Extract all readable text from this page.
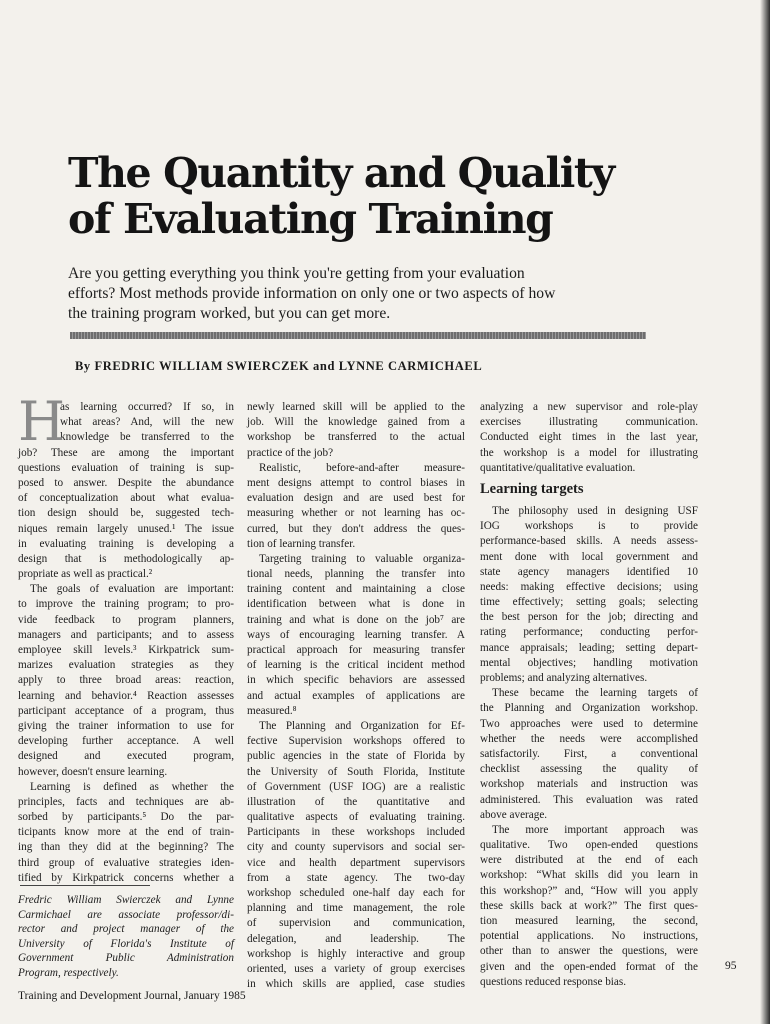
The Quantity and Quality
of Evaluating Training
Are you getting everything you think you're getting from your evaluation
efforts? Most methods provide information on only one or two aspects of how
the training program worked, but you can get more.
By FREDRIC WILLIAM SWIERCZEK and LYNNE CARMICHAEL
H
as learning occurred? If so, in
what areas? And, will the new
knowledge be transferred to the
job? These are among the important
questions evaluation of training is sup-
posed to answer. Despite the abundance
of conceptualization about what evalua-
tion design should be, suggested tech-
niques remain largely unused.¹ The issue
in evaluating training is developing a
design that is methodologically ap-
propriate as well as practical.²
The goals of evaluation are important:
to improve the training program; to pro-
vide feedback to program planners,
managers and participants; and to assess
employee skill levels.³ Kirkpatrick sum-
marizes evaluation strategies as they
apply to three broad areas: reaction,
learning and behavior.⁴ Reaction assesses
participant acceptance of a program, thus
giving the trainer information to use for
developing further acceptance. A well
designed and executed program,
however, doesn't ensure learning.
Learning is defined as whether the
principles, facts and techniques are ab-
sorbed by participants.⁵ Do the par-
ticipants know more at the end of train-
ing than they did at the beginning? The
third group of evaluative strategies iden-
tified by Kirkpatrick concerns whether a
Fredric William Swierczek and Lynne
Carmichael are associate professor/di-
rector and project manager of the
University of Florida's Institute of
Government Public Administration
Program, respectively.
newly learned skill will be applied to the
job. Will the knowledge gained from a
workshop be transferred to the actual
practice of the job?
Realistic, before-and-after measure-
ment designs attempt to control biases in
evaluation design and are used best for
measuring whether or not learning has oc-
curred, but they don't address the ques-
tion of learning transfer.
Targeting training to valuable organiza-
tional needs, planning the transfer into
training content and maintaining a close
identification between what is done in
training and what is done on the job⁷ are
ways of encouraging learning transfer. A
practical approach for measuring transfer
of learning is the critical incident method
in which specific behaviors are assessed
and actual examples of applications are
measured.⁸
The Planning and Organization for Ef-
fective Supervision workshops offered to
public agencies in the state of Florida by
the University of South Florida, Institute
of Government (USF IOG) are a realistic
illustration of the quantitative and
qualitative aspects of evaluating training.
Participants in these workshops included
city and county supervisors and social ser-
vice and health department supervisors
from a state agency. The two-day
workshop scheduled one-half day each for
planning and time management, the role
of supervision and communication,
delegation, and leadership. The
workshop is highly interactive and group
oriented, uses a variety of group exercises
in which skills are applied, case studies
analyzing a new supervisor and role-play
exercises illustrating communication.
Conducted eight times in the last year,
the workshop is a model for illustrating
quantitative/qualitative evaluation.
Learning targets
The philosophy used in designing USF
IOG workshops is to provide
performance-based skills. A needs assess-
ment done with local government and
state agency managers identified 10
needs: making effective decisions; using
time effectively; setting goals; selecting
the best person for the job; directing and
rating performance; conducting perfor-
mance appraisals; leading; setting depart-
mental objectives; handling motivation
problems; and analyzing alternatives.
These became the learning targets of
the Planning and Organization workshop.
Two approaches were used to determine
whether the needs were accomplished
satisfactorily. First, a conventional
checklist assessing the quality of
workshop materials and instruction was
administered. This evaluation was rated
above average.
The more important approach was
qualitative. Two open-ended questions
were distributed at the end of each
workshop: “What skills did you learn in
this workshop?” and, “How will you apply
these skills back at work?” The first ques-
tion measured learning, the second,
potential applications. No instructions,
other than to answer the questions, were
given and the open-ended format of the
questions reduced response bias.
95
Training and Development Journal, January 1985
